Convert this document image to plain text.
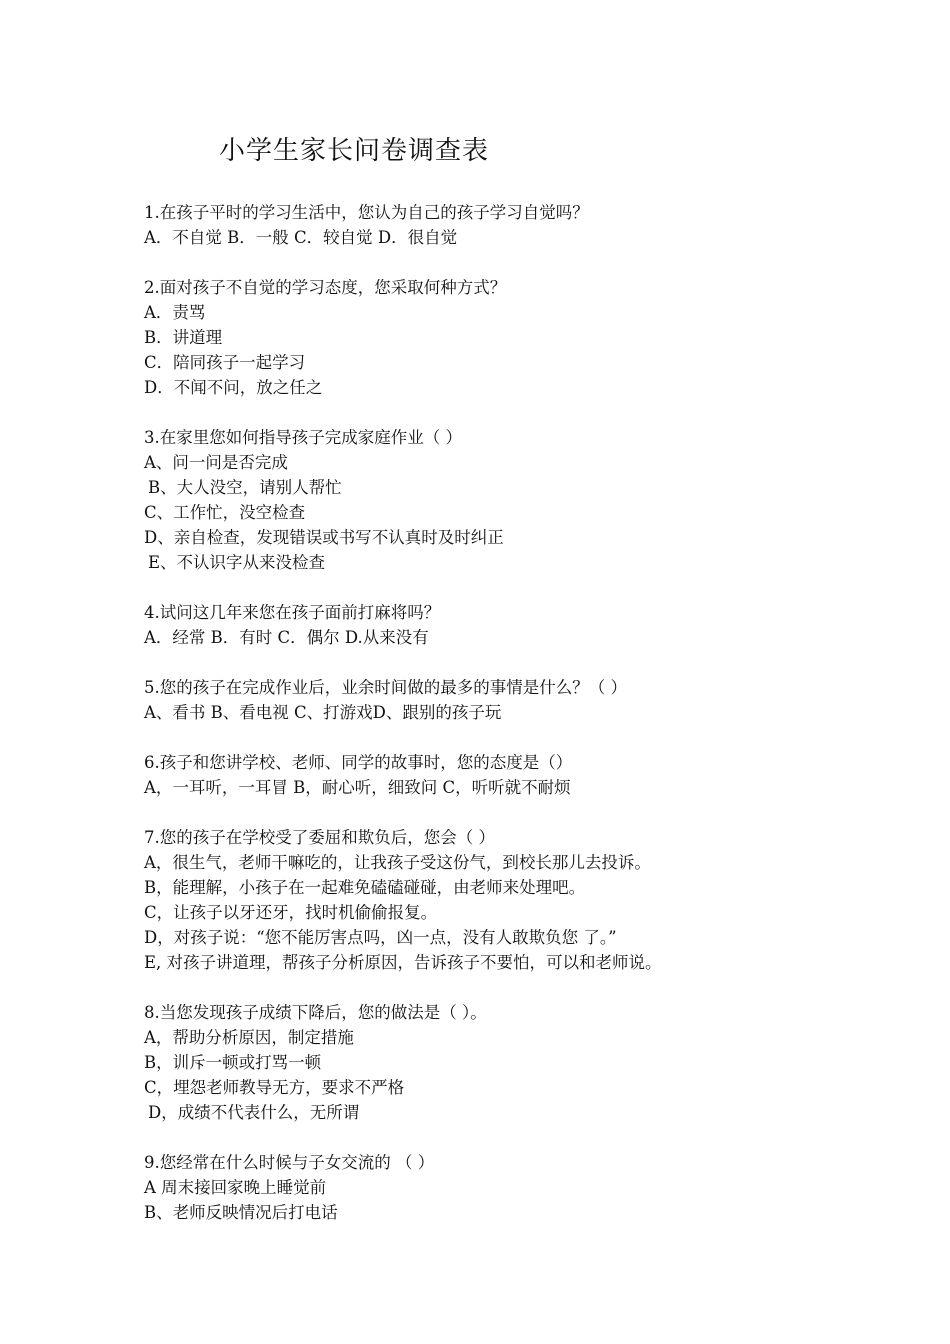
小学生家长问卷调查表
1.在孩子平时的学习生活中，您认为自己的孩子学习自觉吗？
A．不自觉 B．一般 C．较自觉 D．很自觉
2.面对孩子不自觉的学习态度，您采取何种方式？
A．责骂
B．讲道理
C．陪同孩子一起学习
D．不闻不问，放之任之
3.在家里您如何指导孩子完成家庭作业（ ）
A、问一问是否完成
B、大人没空，请别人帮忙
C、工作忙，没空检查
D、亲自检查，发现错误或书写不认真时及时纠正
E、不认识字从来没检查
4.试问这几年来您在孩子面前打麻将吗？
A．经常 B．有时 C．偶尔 D.从来没有
5.您的孩子在完成作业后，业余时间做的最多的事情是什么？（ ）
A、看书 B、看电视 C、打游戏D、跟别的孩子玩
6.孩子和您讲学校、老师、同学的故事时，您的态度是（）
A，一耳听，一耳冒 B，耐心听，细致问 C，听听就不耐烦
7.您的孩子在学校受了委屈和欺负后，您会（ ）
A，很生气，老师干嘛吃的，让我孩子受这份气，到校长那儿去投诉。
B，能理解，小孩子在一起难免磕磕碰碰，由老师来处理吧。
C，让孩子以牙还牙，找时机偷偷报复。
D，对孩子说：“您不能厉害点吗，凶一点，没有人敢欺负您 了。”
E, 对孩子讲道理，帮孩子分析原因，告诉孩子不要怕，可以和老师说。
8.当您发现孩子成绩下降后，您的做法是（ ）。
A，帮助分析原因，制定措施
B，训斥一顿或打骂一顿
C，埋怨老师教导无方，要求不严格
D，成绩不代表什么，无所谓
9.您经常在什么时候与子女交流的 （ ）
A 周末接回家晚上睡觉前
B、老师反映情况后打电话
